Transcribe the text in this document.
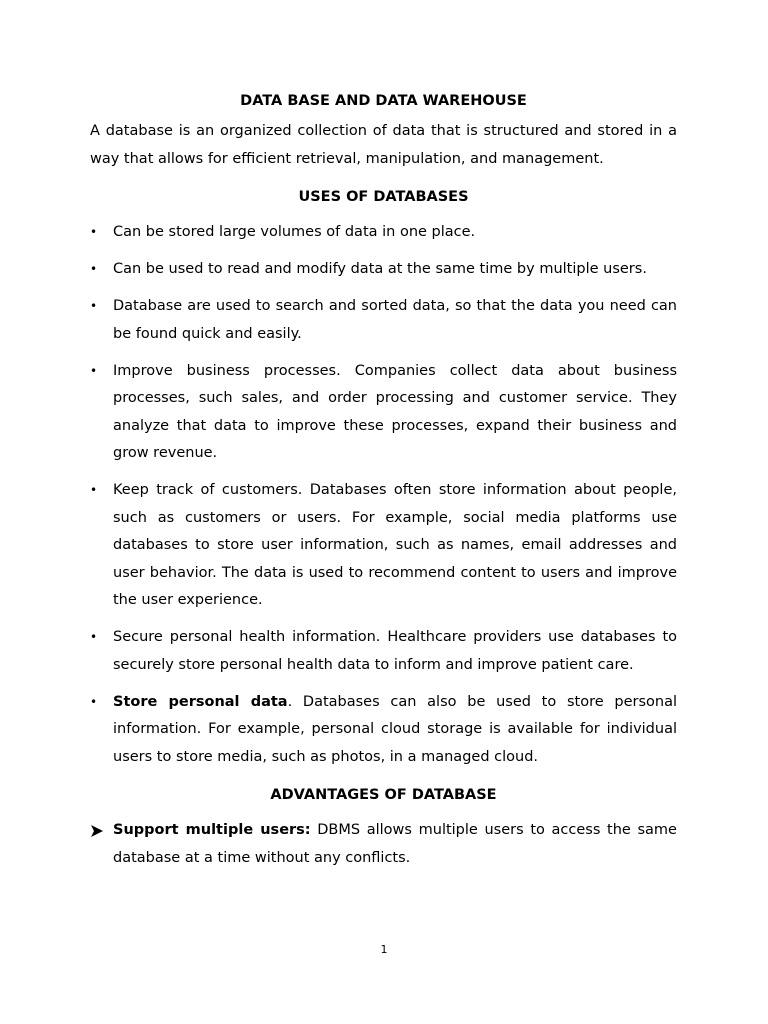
DATA BASE AND DATA WAREHOUSE

A database is an organized collection of data that is structured and stored in a way that allows for efficient retrieval, manipulation, and management.

USES OF DATABASES
• Can be stored large volumes of data in one place.
• Can be used to read and modify data at the same time by multiple users.
• Database are used to search and sorted data, so that the data you need can be found quick and easily.
• Improve business processes. Companies collect data about business processes, such sales, and order processing and customer service. They analyze that data to improve these processes, expand their business and grow revenue.
• Keep track of customers. Databases often store information about people, such as customers or users. For example, social media platforms use databases to store user information, such as names, email addresses and user behavior. The data is used to recommend content to users and improve the user experience.
• Secure personal health information. Healthcare providers use databases to securely store personal health data to inform and improve patient care.
• Store personal data. Databases can also be used to store personal information. For example, personal cloud storage is available for individual users to store media, such as photos, in a managed cloud.
ADVANTAGES OF DATABASE
Support multiple users: DBMS allows multiple users to access the same database at a time without any conflicts.
1
